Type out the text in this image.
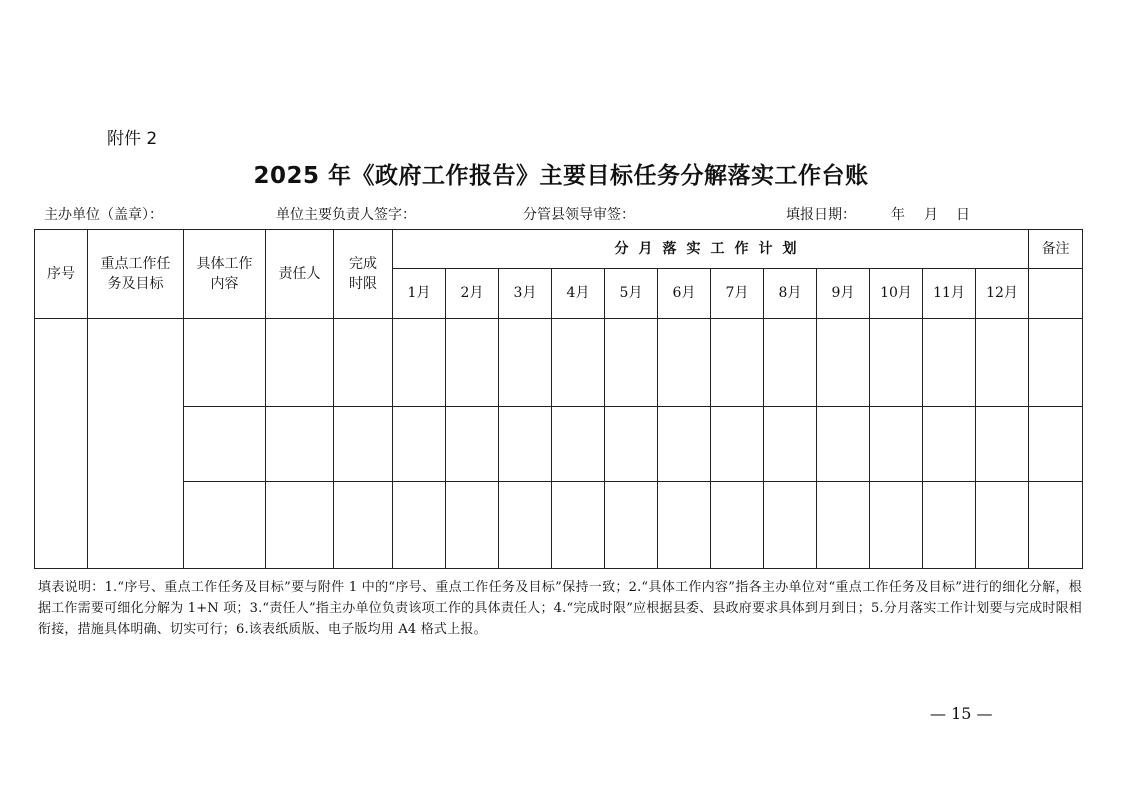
附件 2
2025 年《政府工作报告》主要目标任务分解落实工作台账
主办单位（盖章）：	单位主要负责人签字：	分管县领导审签：	填报日期：	年 月 日
序号	重点工作任务及目标	具体工作内容	责任人	完成时限	分月落实工作计划												备注
					1月	2月	3月	4月	5月	6月	7月	8月	9月	10月	11月	12月	

填表说明：1.“序号、重点工作任务及目标”要与附件 1 中的“序号、重点工作任务及目标”保持一致；2.“具体工作内容”指各主办单位对“重点工作任务及目标”进行的细化分解，根据工作需要可细化分解为 1+N 项；3.“责任人”指主办单位负责该项工作的具体责任人；4.“完成时限”应根据县委、县政府要求具体到月到日；5.分月落实工作计划要与完成时限相衔接，措施具体明确、切实可行；6.该表纸质版、电子版均用 A4 格式上报。
— 15 —
